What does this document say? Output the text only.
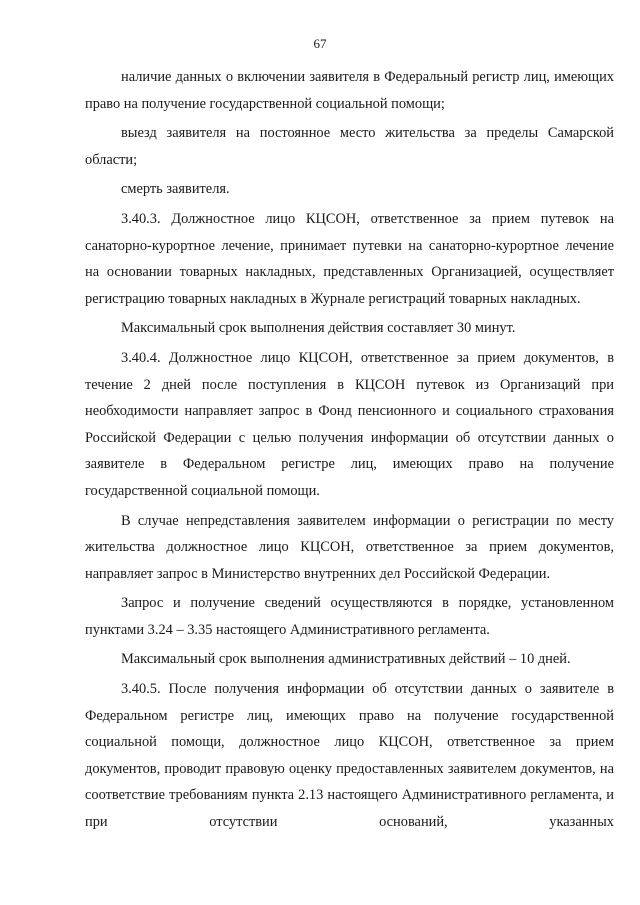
67

наличие данных о включении заявителя в Федеральный регистр лиц, имеющих право на получение государственной социальной помощи;

выезд заявителя на постоянное место жительства за пределы Самарской области;

смерть заявителя.

3.40.3. Должностное лицо КЦСОН, ответственное за прием путевок на санаторно-курортное лечение, принимает путевки на санаторно-курортное лечение на основании товарных накладных, представленных Организацией, осуществляет регистрацию товарных накладных в Журнале регистраций товарных накладных.

Максимальный срок выполнения действия составляет 30 минут.

3.40.4. Должностное лицо КЦСОН, ответственное за прием документов, в течение 2 дней после поступления в КЦСОН путевок из Организаций при необходимости направляет запрос в Фонд пенсионного и социального страхования Российской Федерации с целью получения информации об отсутствии данных о заявителе в Федеральном регистре лиц, имеющих право на получение государственной социальной помощи.

В случае непредставления заявителем информации о регистрации по месту жительства должностное лицо КЦСОН, ответственное за прием документов, направляет запрос в Министерство внутренних дел Российской Федерации.

Запрос и получение сведений осуществляются в порядке, установленном пунктами 3.24 – 3.35 настоящего Административного регламента.

Максимальный срок выполнения административных действий – 10 дней.

3.40.5. После получения информации об отсутствии данных о заявителе в Федеральном регистре лиц, имеющих право на получение государственной социальной помощи, должностное лицо КЦСОН, ответственное за прием документов, проводит правовую оценку предоставленных заявителем документов, на соответствие требованиям пункта 2.13 настоящего Административного регламента, и при отсутствии оснований, указанных
